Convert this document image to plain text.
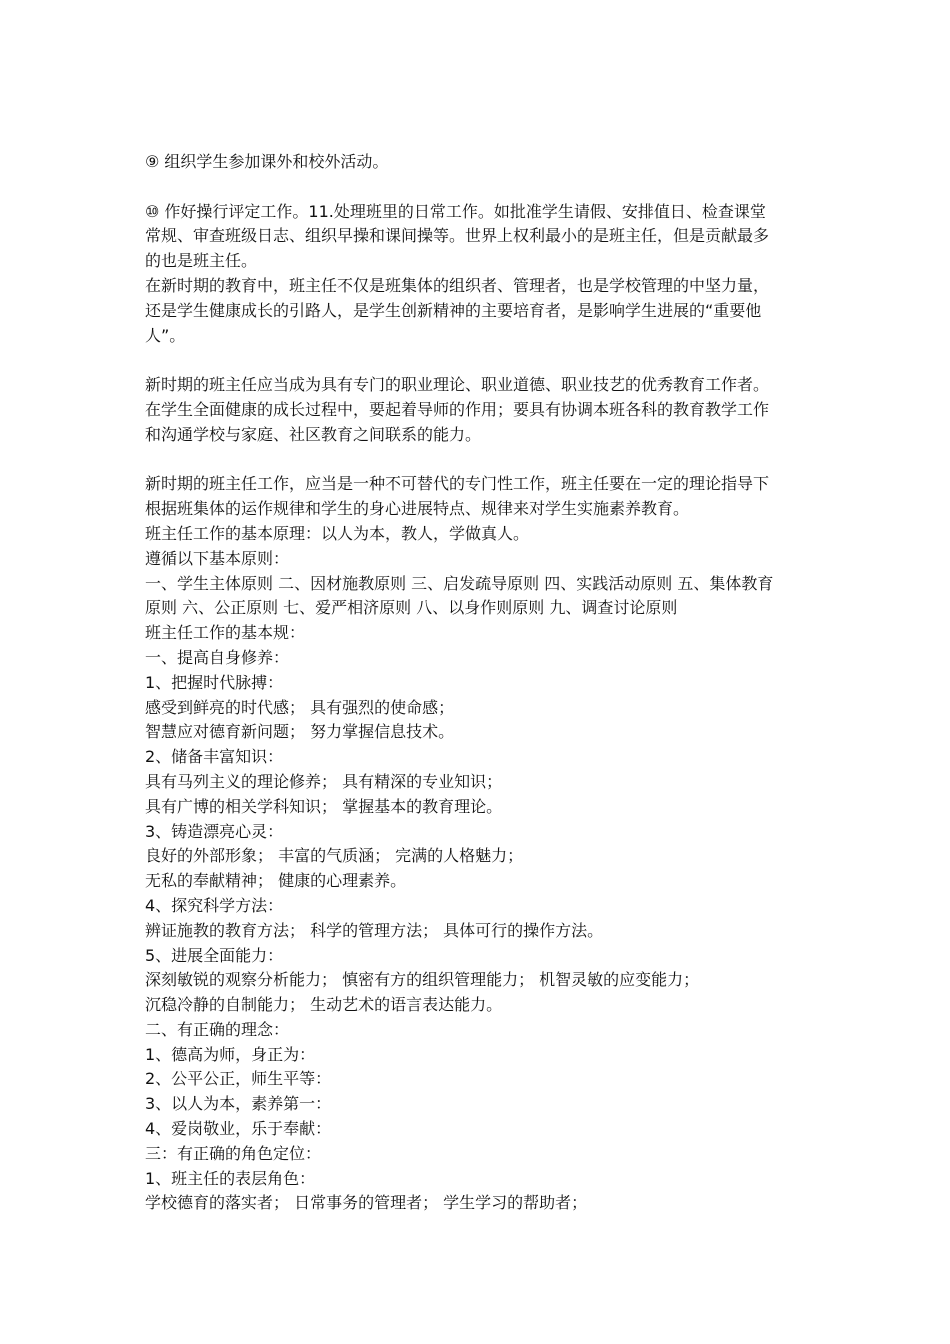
⑨ 组织学生参加课外和校外活动。

⑩ 作好操行评定工作。11.处理班里的日常工作。如批准学生请假、安排值日、检查课堂

常规、审查班级日志、组织早操和课间操等。世界上权利最小的是班主任，但是贡献最多

的也是班主任。

在新时期的教育中，班主任不仅是班集体的组织者、管理者，也是学校管理的中坚力量，

还是学生健康成长的引路人，是学生创新精神的主要培育者，是影响学生进展的“重要他

人”。

新时期的班主任应当成为具有专门的职业理论、职业道德、职业技艺的优秀教育工作者。

在学生全面健康的成长过程中，要起着导师的作用；要具有协调本班各科的教育教学工作

和沟通学校与家庭、社区教育之间联系的能力。

新时期的班主任工作，应当是一种不可替代的专门性工作，班主任要在一定的理论指导下

根据班集体的运作规律和学生的身心进展特点、规律来对学生实施素养教育。

班主任工作的基本原理：以人为本，教人，学做真人。

遵循以下基本原则：

一、学生主体原则 二、因材施教原则 三、启发疏导原则 四、实践活动原则 五、集体教育

原则 六、公正原则 七、爱严相济原则 八、以身作则原则 九、调查讨论原则

班主任工作的基本规：

一、提高自身修养：

1、把握时代脉搏：

感受到鲜亮的时代感； 具有强烈的使命感；

智慧应对德育新问题； 努力掌握信息技术。

2、储备丰富知识：

具有马列主义的理论修养； 具有精深的专业知识；

具有广博的相关学科知识； 掌握基本的教育理论。

3、铸造漂亮心灵：

良好的外部形象； 丰富的气质涵； 完满的人格魅力；

无私的奉献精神； 健康的心理素养。

4、探究科学方法：

辨证施教的教育方法； 科学的管理方法； 具体可行的操作方法。

5、进展全面能力：

深刻敏锐的观察分析能力； 慎密有方的组织管理能力； 机智灵敏的应变能力；

沉稳冷静的自制能力； 生动艺术的语言表达能力。

二、有正确的理念：

1、德高为师，身正为：

2、公平公正，师生平等：

3、以人为本，素养第一：

4、爱岗敬业，乐于奉献：

三：有正确的角色定位：

1、班主任的表层角色：

学校德育的落实者； 日常事务的管理者； 学生学习的帮助者；
